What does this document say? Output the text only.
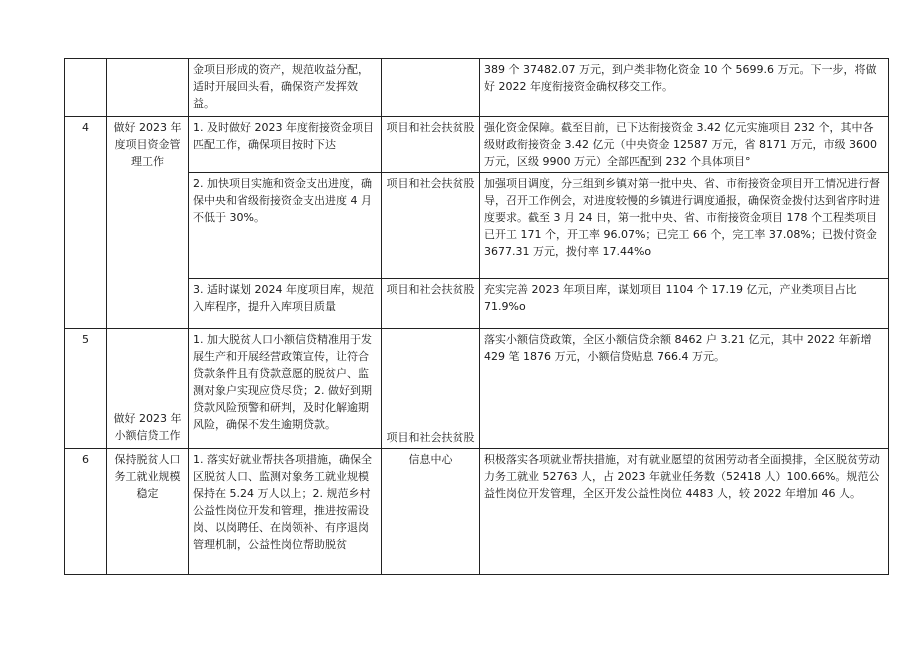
		金项目形成的资产，规范收益分配，适时开展回头看，确保资产发挥效益。		389 个 37482.07 万元，到户类非物化资金 10 个 5699.6 万元。下一步，将做好 2022 年度衔接资金确权移交工作。
4	做好 2023 年度项目资金管理工作	1. 及时做好 2023 年度衔接资金项目匹配工作，确保项目按时下达	项目和社会扶贫股	强化资金保障。截至目前，已下达衔接资金 3.42 亿元实施项目 232 个，其中各级财政衔接资金 3.42 亿元（中央资金 12587 万元，省 8171 万元，市级 3600 万元，区级 9900 万元）全部匹配到 232 个具体项目°
		2. 加快项目实施和资金支出进度，确保中央和省级衔接资金支出进度 4 月不低于 30%。	项目和社会扶贫股	加强项目调度，分三组到乡镇对第一批中央、省、市衔接资金项目开工情况进行督导，召开工作例会，对进度较慢的乡镇进行调度通报，确保资金拨付达到省序时进度要求。截至 3 月 24 日，第一批中央、省、市衔接资金项目 178 个工程类项目已开工 171 个，开工率 96.07%；已完工 66 个，完工率 37.08%；已拨付资金 3677.31 万元，拨付率 17.44%o
		3. 适时谋划 2024 年度项目库，规范入库程序，提升入库项目质量	项目和社会扶贫股	充实完善 2023 年项目库，谋划项目 1104 个 17.19 亿元，产业类项目占比 71.9%o
5	做好 2023 年小额信贷工作	1. 加大脱贫人口小额信贷精准用于发展生产和开展经营政策宣传，让符合贷款条件且有贷款意愿的脱贫户、监测对象户实现应贷尽贷；2. 做好到期贷款风险预警和研判，及时化解逾期风险，确保不发生逾期贷款。	项目和社会扶贫股	落实小额信贷政策，全区小额信贷余额 8462 户 3.21 亿元，其中 2022 年新增 429 笔 1876 万元，小额信贷贴息 766.4 万元。
6	保持脱贫人口务工就业规模稳定	1. 落实好就业帮扶各项措施，确保全区脱贫人口、监测对象务工就业规模保持在 5.24 万人以上；2. 规范乡村公益性岗位开发和管理，推进按需设岗、以岗聘任、在岗领补、有序退岗管理机制，公益性岗位帮助脱贫	信息中心	积极落实各项就业帮扶措施，对有就业愿望的贫困劳动者全面摸排，全区脱贫劳动力务工就业 52763 人，占 2023 年就业任务数（52418 人）100.66%。规范公益性岗位开发管理，全区开发公益性岗位 4483 人，较 2022 年增加 46 人。
